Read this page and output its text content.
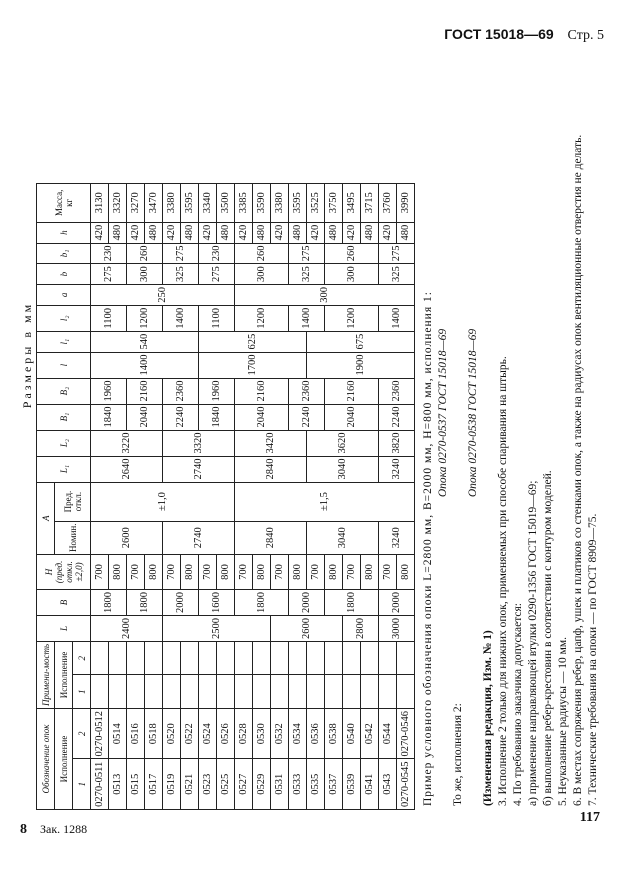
ГОСТ 15018—69 Стр. 5
Размеры в мм
Обозначение опок		Примени-мость		L	B	H (пред. откл. ±2,0)	A		L₁	L₂	B₁	B₂	l	l₁	l₂	a	b	b₁	h	Масса, кг
Исполнение		Исполнение					Номин.	Пред. откл.												
1	2	1	2																	
0270-0511	0270-0512			2400	1800	700	2600	±1,0	2640	3220	1840	1960	1400	540	1100	250	275	230	420	3130
0513	0514					800													480	3320
0515	0516				1800	700					2040	2160			1200		300	260	420	3270
0517	0518					800													480	3470
0519	0520			2500	2000	700	2740		2740	3320	2240	2360			1400		325	275	420	3380
0521	0522					800													480	3595
0523	0524				1600	700					1840	1960	1700	625	1100		275	230	420	3340
0525	0526					800													480	3500
0527	0528				1800	700	2840	±1,5	2840	3420	2040	2160			1200	300	300	260	420	3385
0529	0530					800													480	3590
0531	0532			2600		700													420	3380
0533	0534				2000	800					2240	2360			1400		325	275	480	3595
0535	0536					700	3040		3040	3620			1900	675					420	3525
0537	0538				1800	800					2040	2160			1200		300	260	480	3750
0539	0540			2800		700													420	3495
0541	0542					800													480	3715
0543	0544			3000	2000	700	3240		3240	3820	2240	2360			1400		325	275	420	3760
0270-0545	0270-0546					800													480	3990

Пример условного обозначения опоки L=2800 мм, B=2000 мм, H=800 мм, исполнения 1: Опока 0270-0537 ГОСТ 15018—69

То же, исполнения 2:

Опока 0270-0538 ГОСТ 15018—69

(Измененная редакция, Изм. № 1) 3. Исполнение 2 только для нижних опок, применяемых при способе спаривания на штырь. 4. По требованию заказчика допускается: а) применение направляющей втулки 0290-1356 ГОСТ 15019—69; б) выполнение ребер-крестовин в соответствии с контуром моделей. 5. Неуказанные радиусы — 10 мм. 6. В местах сопряжения ребер, цапф, ушек и платиков со стенками опок, а также на радиусах опок вентиляционные отверстия не делать. 7. Технические требования на опоки — по ГОСТ 8909—75.

117
8 Зак. 1288
